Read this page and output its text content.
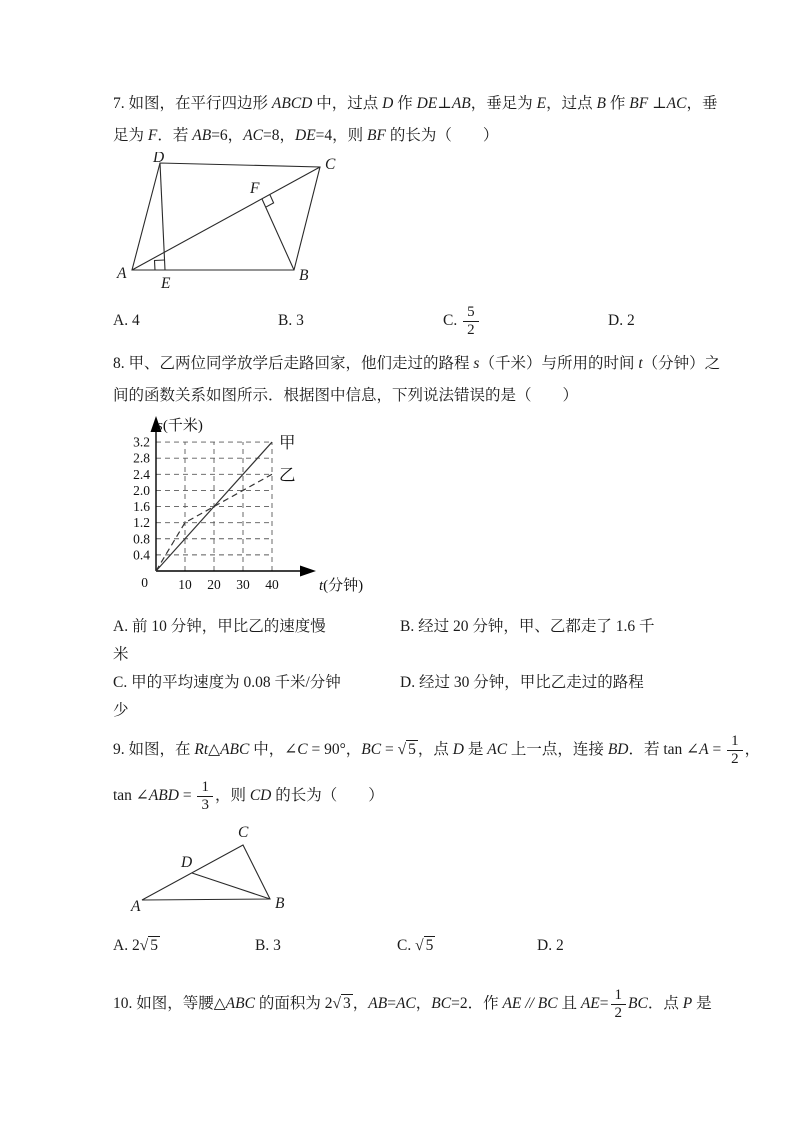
7. 如图，在平行四边形 ABCD 中，过点 D 作 DE⊥AB，垂足为 E，过点 B 作 BF ⊥AC，垂

足为 F．若 AB=6，AC=8，DE=4，则 BF 的长为（　　）

A	B
C
D
E
F
A. 4	B. 3	C. $\frac{5}{2}$	D. 2

8. 甲、乙两位同学放学后走路回家，他们走过的路程 s（千米）与所用的时间 t（分钟）之

间的函数关系如图所示．根据图中信息，下列说法错误的是（　　）

10 20 30 40
0.4
0.8
1.2
1.6
2.0
2.4
2.8
3.2
0
s(千米)
t(分钟)
甲
乙
A. 前 10 分钟，甲比乙的速度慢	B. 经过 20 分钟，甲、乙都走了 1.6 千

米

C. 甲的平均速度为 0.08 千米/分钟	D. 经过 30 分钟，甲比乙走过的路程

少

9. 如图，在 Rt△ABC 中，∠C = 90°，BC = √ 5 ，点 D 是 AC 上一点，连接 BD．若 tan ∠A = $\frac{1}{2}$ ，

tan ∠ABD = $\frac{1}{3}$ ，则 CD 的长为（　　）

A	B
C
D
A. 2√ 5	B. 3	C. √ 5	D. 2

10. 如图，等腰△ABC 的面积为 2√ 3 ，AB=AC，BC=2．作 AE // BC 且 $AE= \frac{1}{2}$ BC．点 P 是
